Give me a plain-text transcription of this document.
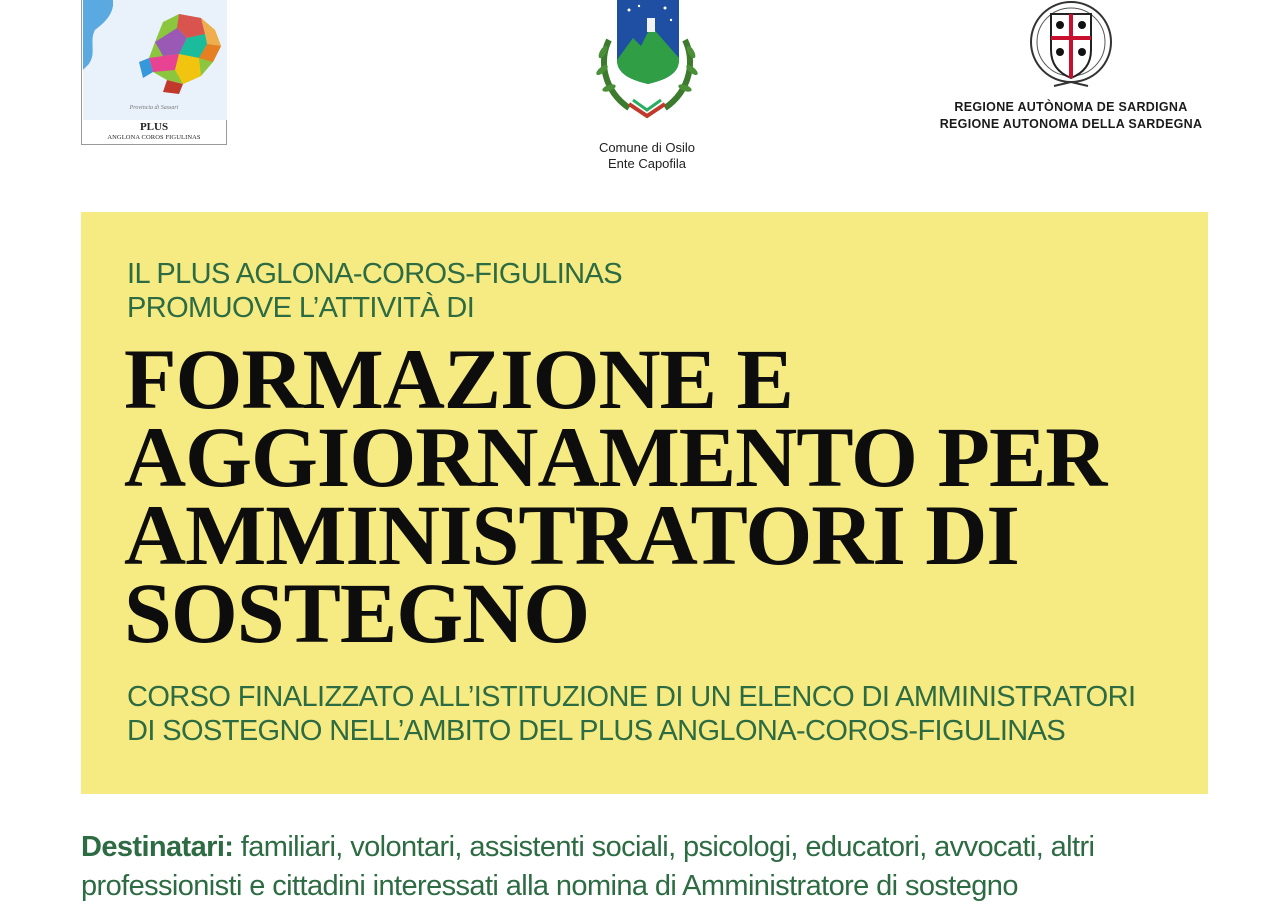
Provincia di Sassari
PLUS
ANGLONA COROS FIGULINAS
Comune di Osilo
Ente Capofila
REGIONE AUTÒNOMA DE SARDIGNA
REGIONE AUTONOMA DELLA SARDEGNA
IL PLUS AGLONA-COROS-FIGULINAS
PROMUOVE L’ATTIVITÀ DI
FORMAZIONE E
AGGIORNAMENTO PER
AMMINISTRATORI DI
SOSTEGNO
CORSO FINALIZZATO ALL’ISTITUZIONE DI UN ELENCO DI AMMINISTRATORI
DI SOSTEGNO NELL’AMBITO DEL PLUS ANGLONA-COROS-FIGULINAS
Destinatari: familiari, volontari, assistenti sociali, psicologi, educatori, avvocati, altri professionisti e cittadini interessati alla nomina di Amministratore di sostegno
